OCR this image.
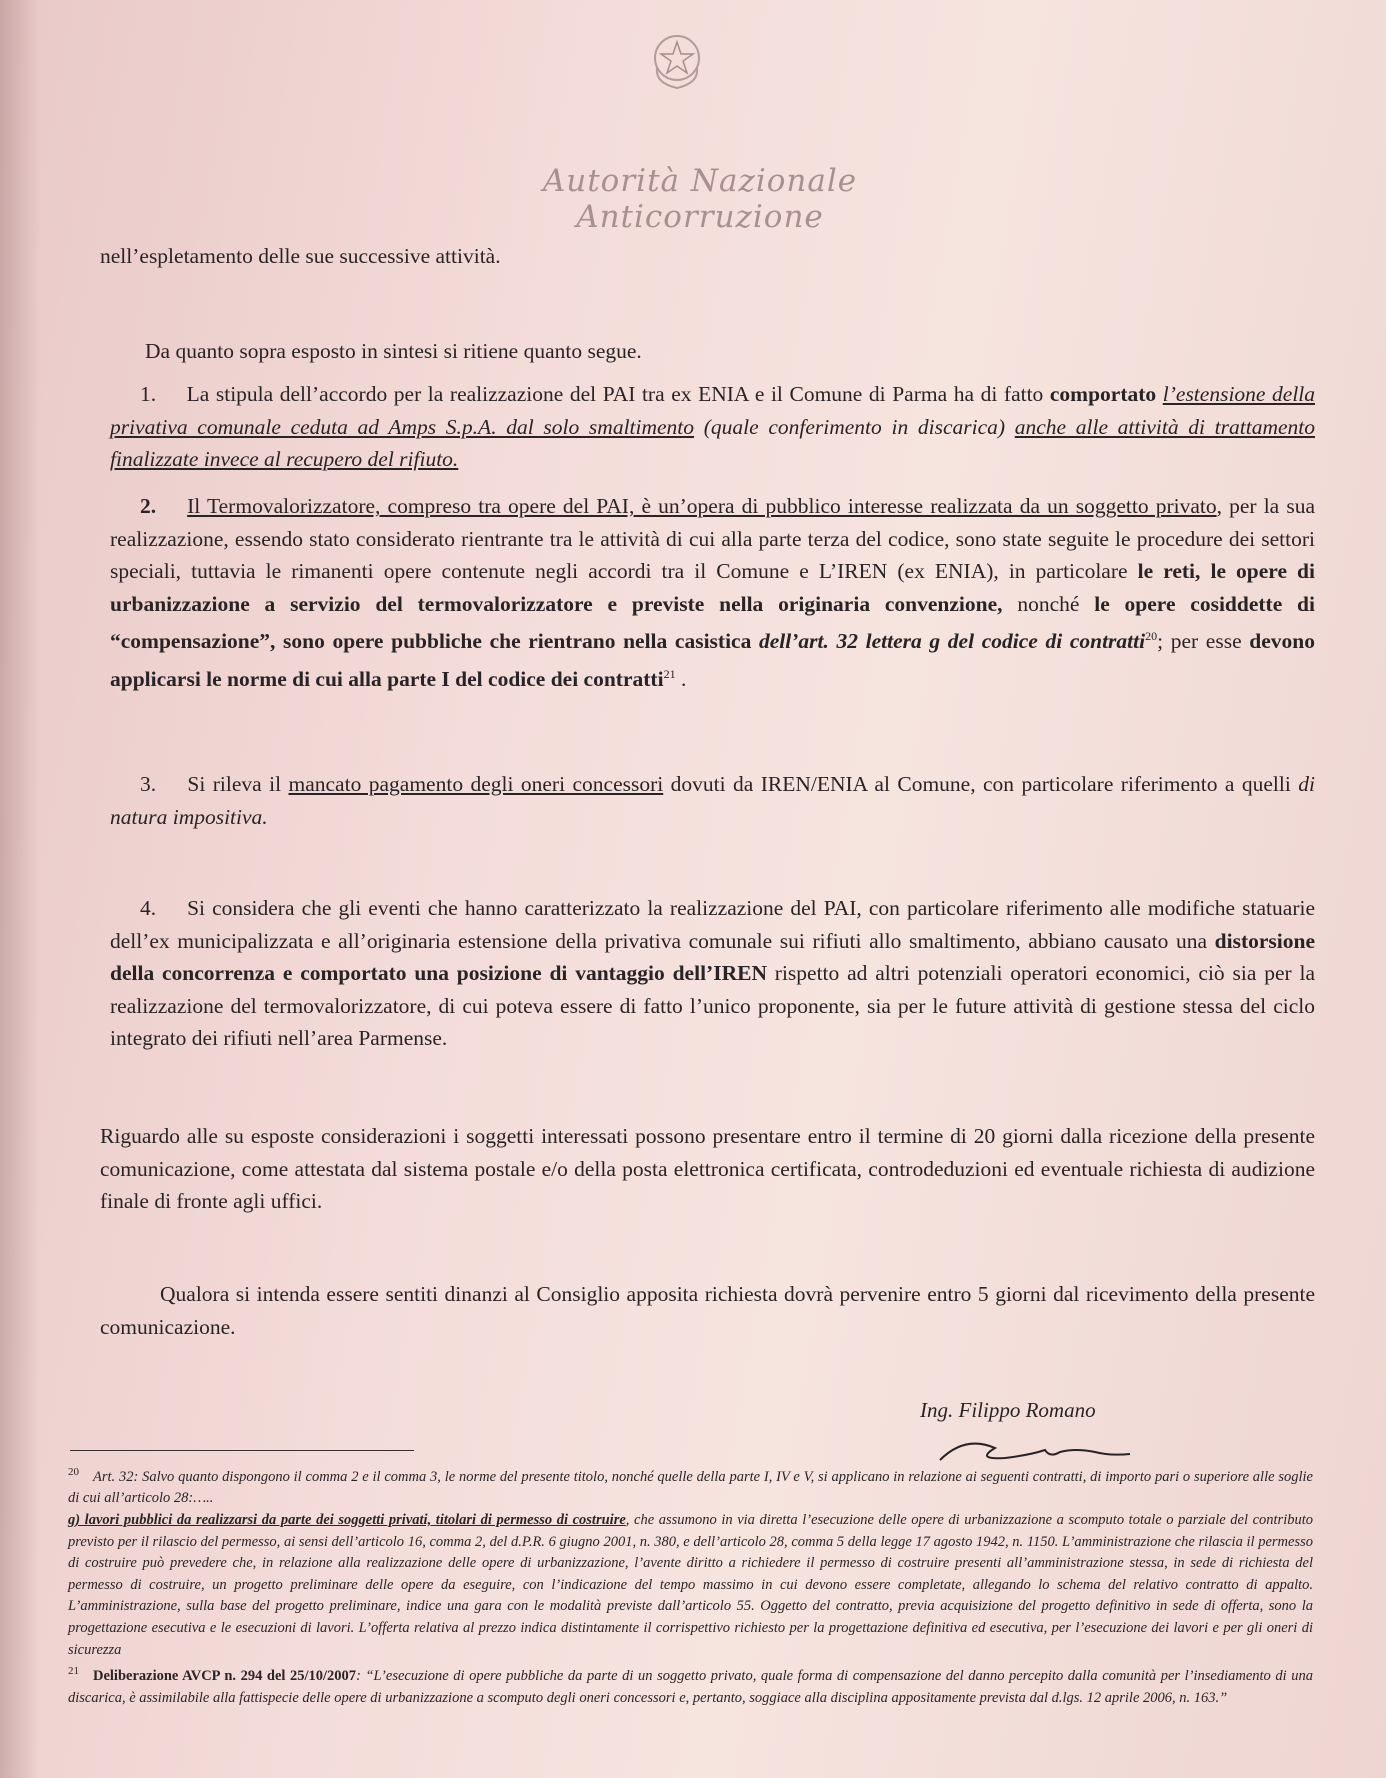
Autorità Nazionale Anticorruzione

nell’espletamento delle sue successive attività.

Da quanto sopra esposto in sintesi si ritiene quanto segue.

1. La stipula dell’accordo per la realizzazione del PAI tra ex ENIA e il Comune di Parma ha di fatto comportato l’estensione della privativa comunale ceduta ad Amps S.p.A. dal solo smaltimento (quale conferimento in discarica) anche alle attività di trattamento finalizzate invece al recupero del rifiuto.
2. Il Termovalorizzatore, compreso tra opere del PAI, è un’opera di pubblico interesse realizzata da un soggetto privato, per la sua realizzazione, essendo stato considerato rientrante tra le attività di cui alla parte terza del codice, sono state seguite le procedure dei settori speciali, tuttavia le rimanenti opere contenute negli accordi tra il Comune e L’IREN (ex ENIA), in particolare le reti, le opere di urbanizzazione a servizio del termovalorizzatore e previste nella originaria convenzione, nonché le opere cosiddette di “compensazione”, sono opere pubbliche che rientrano nella casistica dell’art. 32 lettera g del codice di contratti$^{20}$; per esse devono applicarsi le norme di cui alla parte I del codice dei contratti$^{21}$ .
3. Si rileva il mancato pagamento degli oneri concessori dovuti da IREN/ENIA al Comune, con particolare riferimento a quelli di natura impositiva.
4. Si considera che gli eventi che hanno caratterizzato la realizzazione del PAI, con particolare riferimento alle modifiche statuarie dell’ex municipalizzata e all’originaria estensione della privativa comunale sui rifiuti allo smaltimento, abbiano causato una distorsione della concorrenza e comportato una posizione di vantaggio dell’IREN rispetto ad altri potenziali operatori economici, ciò sia per la realizzazione del termovalorizzatore, di cui poteva essere di fatto l’unico proponente, sia per le future attività di gestione stessa del ciclo integrato dei rifiuti nell’area Parmense.

Riguardo alle su esposte considerazioni i soggetti interessati possono presentare entro il termine di 20 giorni dalla ricezione della presente comunicazione, come attestata dal sistema postale e/o della posta elettronica certificata, controdeduzioni ed eventuale richiesta di audizione finale di fronte agli uffici.

Qualora si intenda essere sentiti dinanzi al Consiglio apposita richiesta dovrà pervenire entro 5 giorni dal ricevimento della presente comunicazione.

Ing. Filippo Romano

$^{20}$ Art. 32: Salvo quanto dispongono il comma 2 e il comma 3, le norme del presente titolo, nonché quelle della parte I, IV e V, si applicano in relazione ai seguenti contratti, di importo pari o superiore alle soglie di cui all’articolo 28:…..

g) lavori pubblici da realizzarsi da parte dei soggetti privati, titolari di permesso di costruire, che assumono in via diretta l’esecuzione delle opere di urbanizzazione a scomputo totale o parziale del contributo previsto per il rilascio del permesso, ai sensi dell’articolo 16, comma 2, del d.P.R. 6 giugno 2001, n. 380, e dell’articolo 28, comma 5 della legge 17 agosto 1942, n. 1150. L’amministrazione che rilascia il permesso di costruire può prevedere che, in relazione alla realizzazione delle opere di urbanizzazione, l’avente diritto a richiedere il permesso di costruire presenti all’amministrazione stessa, in sede di richiesta del permesso di costruire, un progetto preliminare delle opere da eseguire, con l’indicazione del tempo massimo in cui devono essere completate, allegando lo schema del relativo contratto di appalto. L’amministrazione, sulla base del progetto preliminare, indice una gara con le modalità previste dall’articolo 55. Oggetto del contratto, previa acquisizione del progetto definitivo in sede di offerta, sono la progettazione esecutiva e le esecuzioni di lavori. L’offerta relativa al prezzo indica distintamente il corrispettivo richiesto per la progettazione definitiva ed esecutiva, per l’esecuzione dei lavori e per gli oneri di sicurezza

$^{21}$ Deliberazione AVCP n. 294 del 25/10/2007: “L’esecuzione di opere pubbliche da parte di un soggetto privato, quale forma di compensazione del danno percepito dalla comunità per l’insediamento di una discarica, è assimilabile alla fattispecie delle opere di urbanizzazione a scomputo degli oneri concessori e, pertanto, soggiace alla disciplina appositamente prevista dal d.lgs. 12 aprile 2006, n. 163.”
